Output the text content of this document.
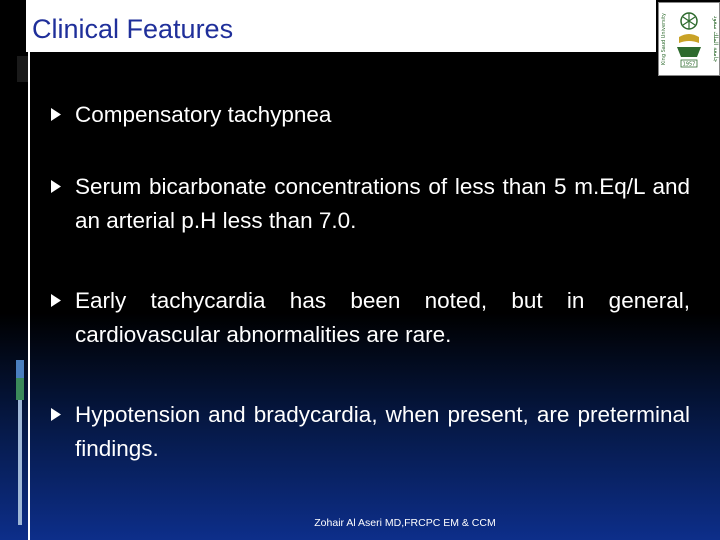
Clinical Features	King Saud University	جامعة الملك سعود
1957
Compensatory tachypnea
Serum bicarbonate concentrations of less than 5 m.Eq/L and an arterial p.H less than 7.0.
Early tachycardia has been noted, but in general, cardiovascular abnormalities are rare.
Hypotension and bradycardia, when present, are preterminal findings.
Zohair Al Aseri MD,FRCPC EM & CCM
